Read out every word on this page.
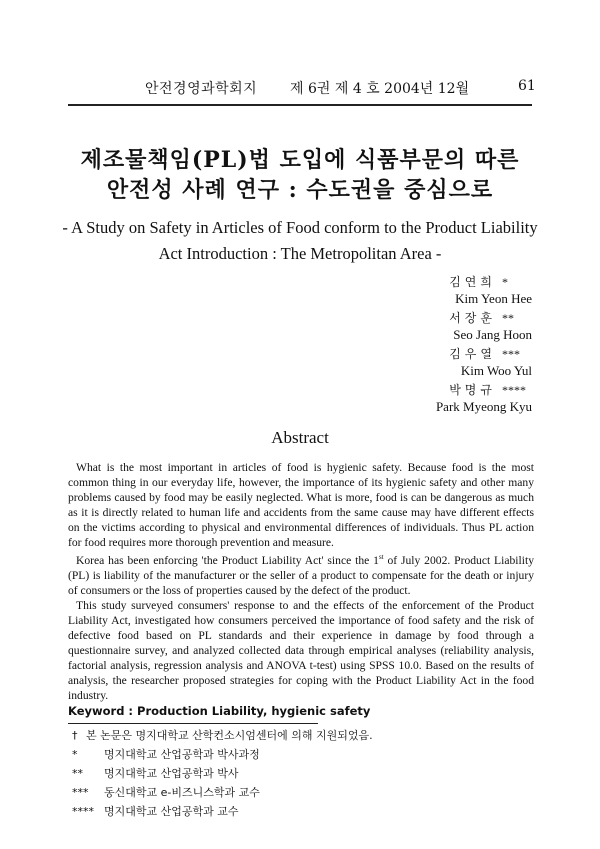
안전경영과학회지 제 6권 제 4 호 2004년 12월	61
제조물책임(PL)법 도입에 식품부문의 따른
안전성 사례 연구 : 수도권을 중심으로
- A Study on Safety in Articles of Food conform to the Product Liability
Act Introduction : The Metropolitan Area -
김연희 *
Kim Yeon Hee
서장훈 **
Seo Jang Hoon
김우열 ***
Kim Woo Yul
박명규 ****
Park Myeong Kyu
Abstract

What is the most important in articles of food is hygienic safety. Because food is the most common thing in our everyday life, however, the importance of its hygienic safety and other many problems caused by food may be easily neglected. What is more, food is can be dangerous as much as it is directly related to human life and accidents from the same cause may have different effects on the victims according to physical and environmental differences of individuals. Thus PL action for food requires more thorough prevention and measure.

Korea has been enforcing 'the Product Liability Act' since the 1st of July 2002. Product Liability (PL) is liability of the manufacturer or the seller of a product to compensate for the death or injury of consumers or the loss of properties caused by the defect of the product.

This study surveyed consumers' response to and the effects of the enforcement of the Product Liability Act, investigated how consumers perceived the importance of food safety and the risk of defective food based on PL standards and their experience in damage by food through a questionnaire survey, and analyzed collected data through empirical analyses (reliability analysis, factorial analysis, regression analysis and ANOVA t-test) using SPSS 10.0. Based on the results of analysis, the researcher proposed strategies for coping with the Product Liability Act in the food industry.

Keyword : Production Liability, hygienic safety

† 본 논문은 명지대학교 산학컨소시엄센터에 의해 지원되었음.
* 명지대학교 산업공학과 박사과정
** 명지대학교 산업공학과 박사
*** 동신대학교 e-비즈니스학과 교수
**** 명지대학교 산업공학과 교수
